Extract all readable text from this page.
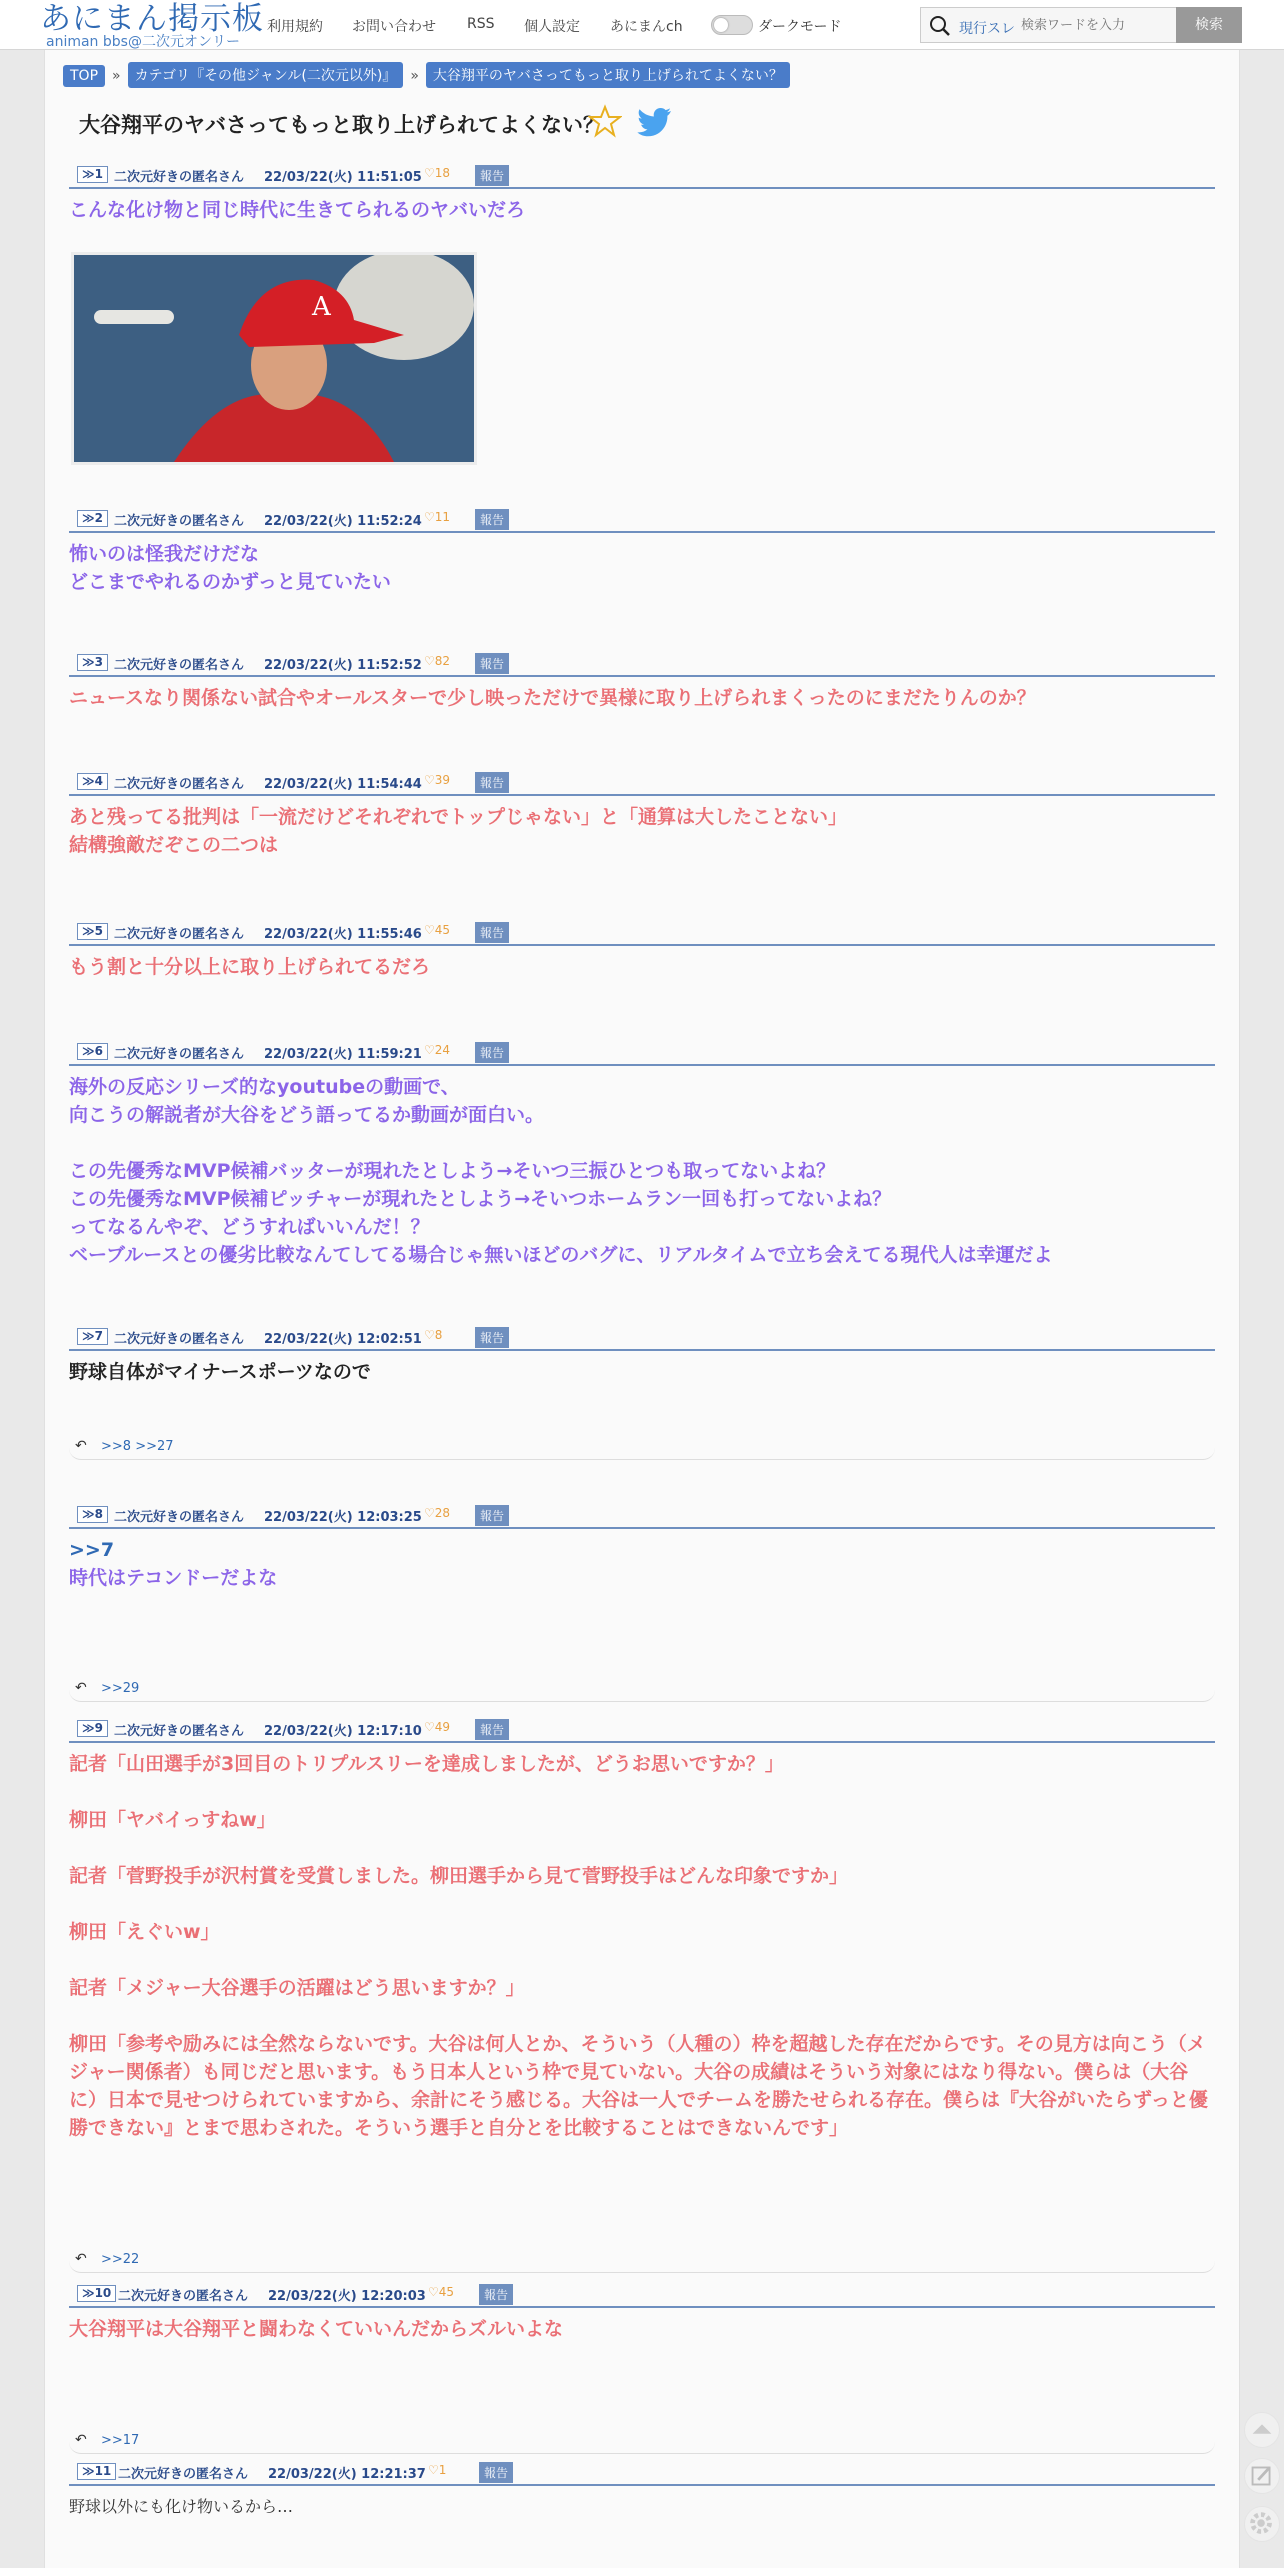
あにまん掲示板
animan bbs@二次元オンリー
利用規約 お問い合わせ RSS 個人設定 あにまんch	ダークモード	現行スレ
検索ワードを入力	検索
TOP » カテゴリ『その他ジャンル(二次元以外)』 » 大谷翔平のヤバさってもっと取り上げられてよくない？
大谷翔平のヤバさってもっと取り上げられてよくない？
≫1 二次元好きの匿名さん 22/03/22(火) 11:51:05 ♡18	報告
こんな化け物と同じ時代に生きてられるのヤバいだろ
A
≫2 二次元好きの匿名さん 22/03/22(火) 11:52:24 ♡11	報告
怖いのは怪我だけだな
どこまでやれるのかずっと見ていたい
≫3 二次元好きの匿名さん 22/03/22(火) 11:52:52 ♡82	報告
ニュースなり関係ない試合やオールスターで少し映っただけで異様に取り上げられまくったのにまだたりんのか？
≫4 二次元好きの匿名さん 22/03/22(火) 11:54:44 ♡39	報告
あと残ってる批判は「一流だけどそれぞれでトップじゃない」と「通算は大したことない」
結構強敵だぞこの二つは
≫5 二次元好きの匿名さん 22/03/22(火) 11:55:46 ♡45	報告
もう割と十分以上に取り上げられてるだろ
≫6 二次元好きの匿名さん 22/03/22(火) 11:59:21 ♡24	報告
海外の反応シリーズ的なyoutubeの動画で、
向こうの解説者が大谷をどう語ってるか動画が面白い。

この先優秀なMVP候補バッターが現れたとしよう→そいつ三振ひとつも取ってないよね？
この先優秀なMVP候補ピッチャーが現れたとしよう→そいつホームラン一回も打ってないよね？
ってなるんやぞ、どうすればいいんだ！？
ベーブルースとの優劣比較なんてしてる場合じゃ無いほどのバグに、リアルタイムで立ち会えてる現代人は幸運だよ
≫7 二次元好きの匿名さん 22/03/22(火) 12:02:51 ♡8	報告
野球自体がマイナースポーツなので
↶ >>8 >>27
≫8 二次元好きの匿名さん 22/03/22(火) 12:03:25 ♡28	報告
>>7
時代はテコンドーだよな
↶ >>29
≫9 二次元好きの匿名さん 22/03/22(火) 12:17:10 ♡49	報告
記者「山田選手が3回目のトリプルスリーを達成しましたが、どうお思いですか？」

柳田「ヤバイっすねw」

記者「菅野投手が沢村賞を受賞しました。柳田選手から見て菅野投手はどんな印象ですか」

柳田「えぐいw」

記者「メジャー大谷選手の活躍はどう思いますか？」

柳田「参考や励みには全然ならないです。大谷は何人とか、そういう（人種の）枠を超越した存在だからです。その見方は向こう（メジャー関係者）も同じだと思います。もう日本人という枠で見ていない。大谷の成績はそういう対象にはなり得ない。僕らは（大谷に）日本で見せつけられていますから、余計にそう感じる。大谷は一人でチームを勝たせられる存在。僕らは『大谷がいたらずっと優勝できない』とまで思わされた。そういう選手と自分とを比較することはできないんです」
↶ >>22
≫10 二次元好きの匿名さん 22/03/22(火) 12:20:03 ♡45	報告
大谷翔平は大谷翔平と闘わなくていいんだからズルいよな
↶ >>17
≫11 二次元好きの匿名さん 22/03/22(火) 12:21:37 ♡1	報告
野球以外にも化け物いるから…
